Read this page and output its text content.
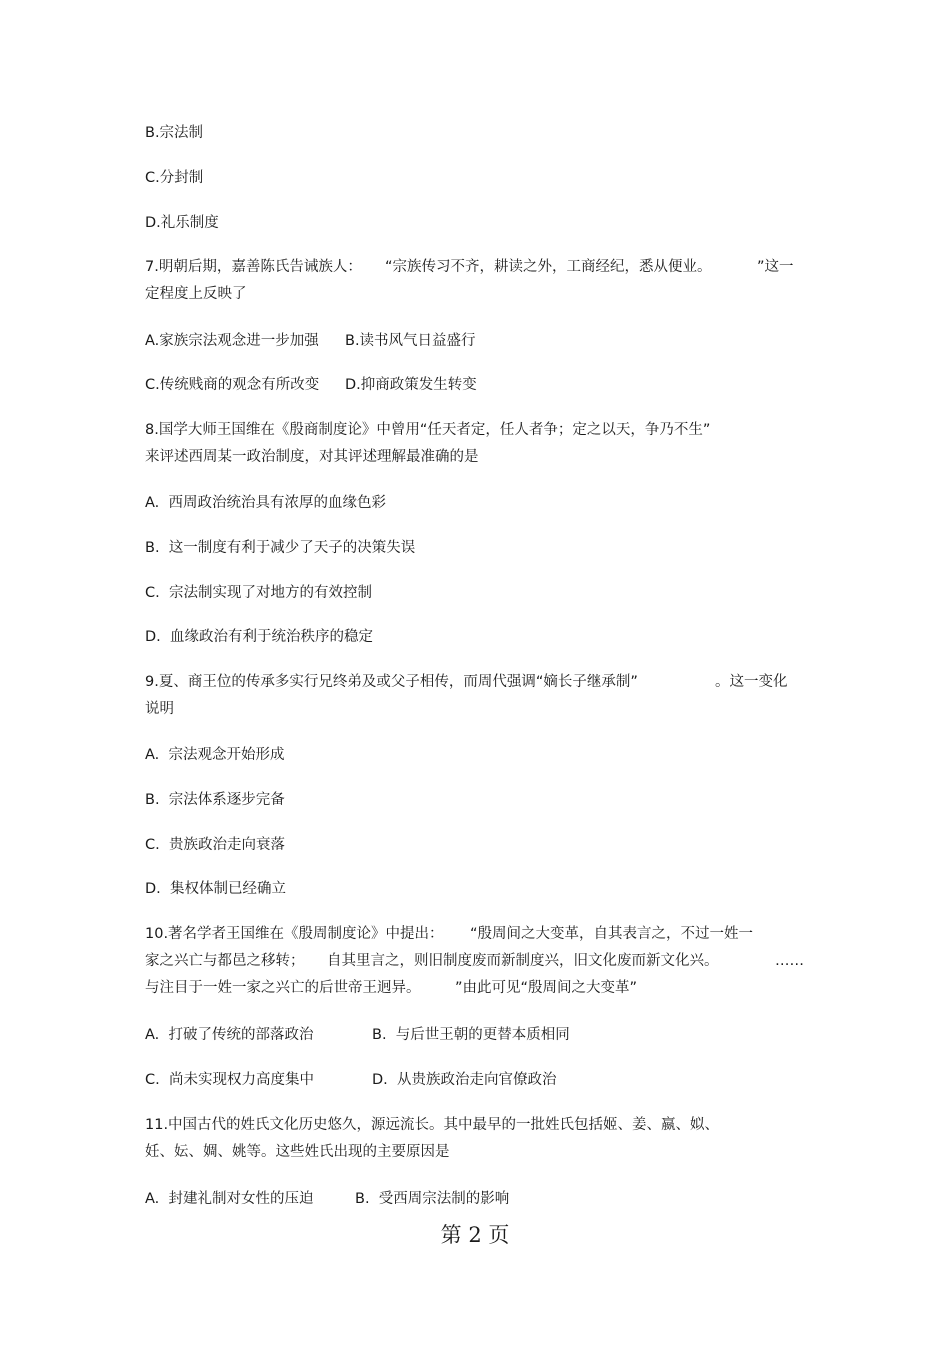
B.宗法制
C.分封制
D.礼乐制度
7.明朝后期，嘉善陈氏告诫族人： “宗族传习不齐，耕读之外，工商经纪，悉从便业。	”这一
定程度上反映了
A.家族宗法观念进一步加强 B.读书风气日益盛行
C.传统贱商的观念有所改变 D.抑商政策发生转变
8.国学大师王国维在《殷商制度论》中曾用“任天者定，任人者争；定之以天，争乃不生”
来评述西周某一政治制度，对其评述理解最准确的是
A.  西周政治统治具有浓厚的血缘色彩
B.  这一制度有利于减少了天子的决策失误
C.  宗法制实现了对地方的有效控制
D.  血缘政治有利于统治秩序的稳定
9.夏、商王位的传承多实行兄终弟及或父子相传，而周代强调“嫡长子继承制”	。这一变化
说明
A.  宗法观念开始形成
B.  宗法体系逐步完备
C.  贵族政治走向衰落
D.  集权体制已经确立
10.著名学者王国维在《殷周制度论》中提出： “殷周间之大变革，自其表言之，不过一姓一
家之兴亡与都邑之移转； 自其里言之，则旧制度废而新制度兴，旧文化废而新文化兴。	……
与注目于一姓一家之兴亡的后世帝王迥异。 ”由此可见“殷周间之大变革”
A.  打破了传统的部落政治	B.  与后世王朝的更替本质相同
C.  尚未实现权力高度集中	D.  从贵族政治走向官僚政治
11.中国古代的姓氏文化历史悠久，源远流长。其中最早的一批姓氏包括姬、姜、嬴、姒、
妊、妘、婤、姚等。这些姓氏出现的主要原因是
A.  封建礼制对女性的压迫	B.  受西周宗法制的影响
第 2 页
